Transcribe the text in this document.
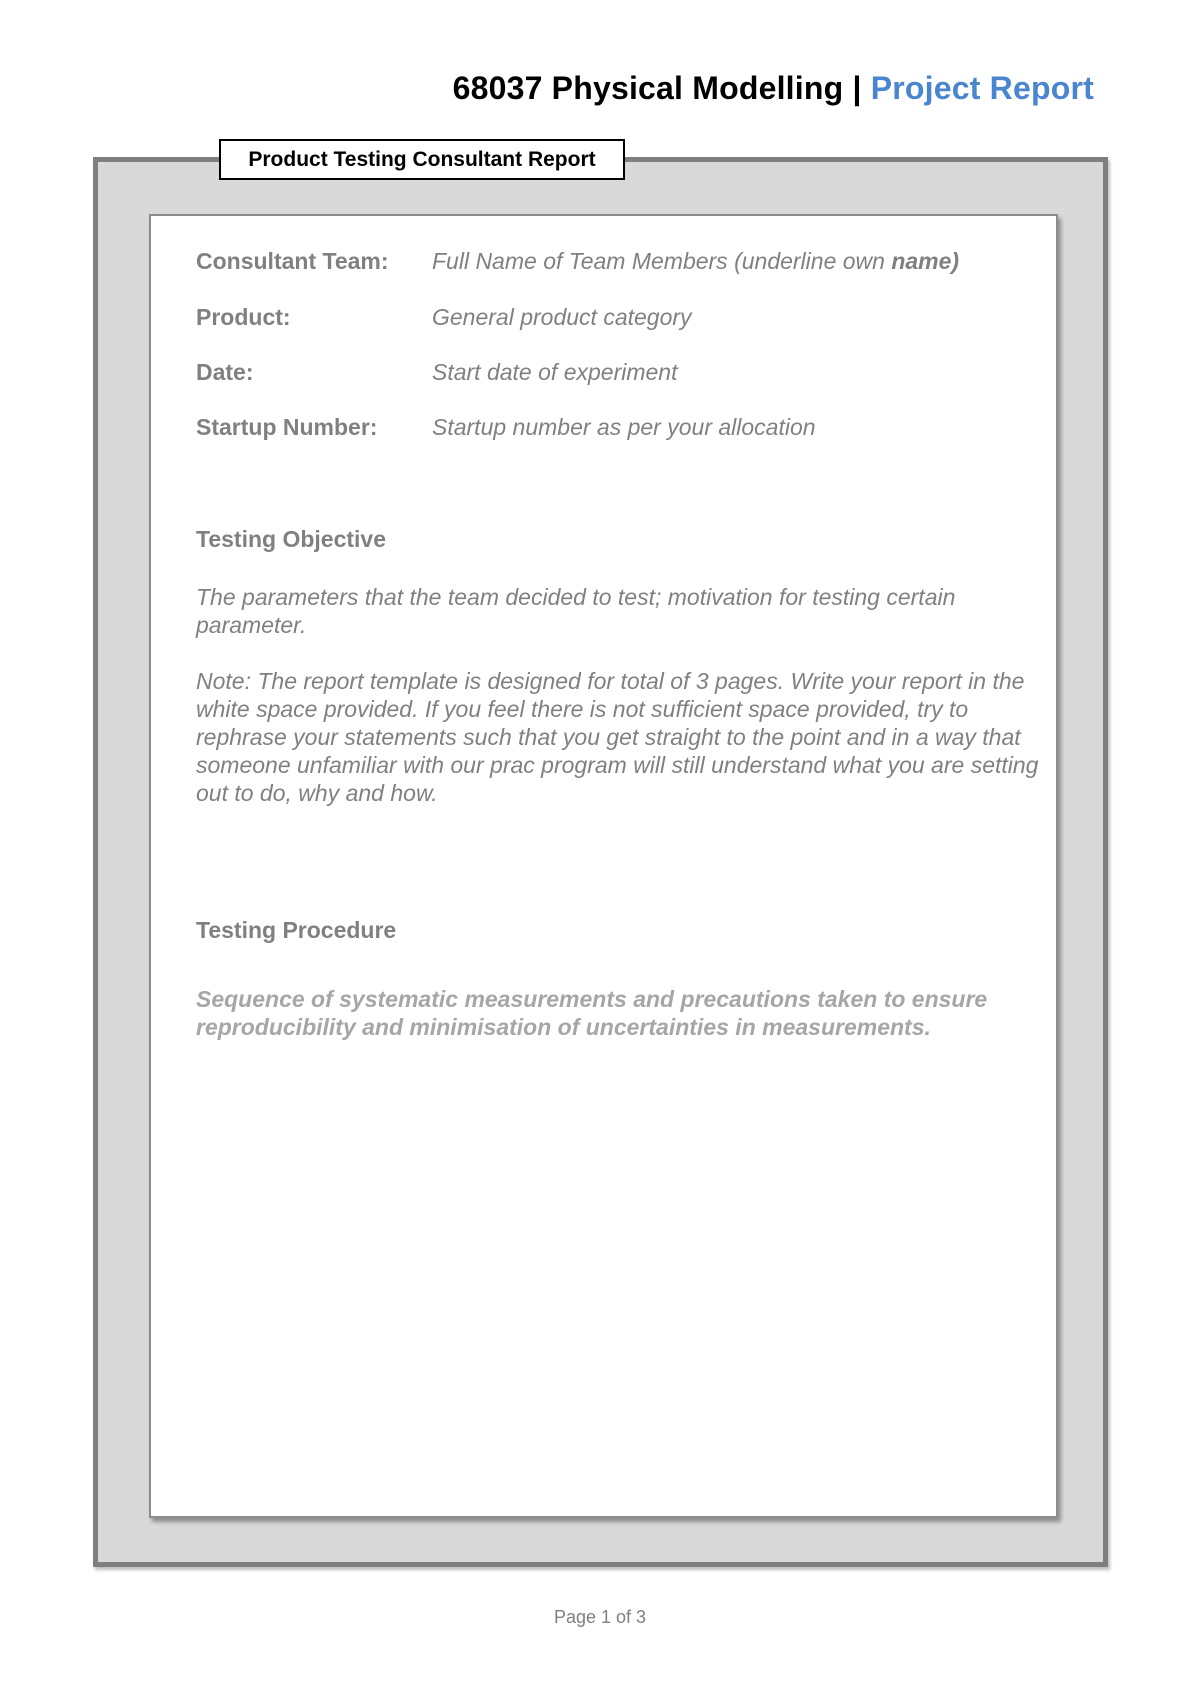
68037 Physical Modelling | Project Report
Product Testing Consultant Report
Consultant Team: Full Name of Team Members (underline own name)
Product:	General product category
Date:	Start date of experiment
Startup Number: Startup number as per your allocation
Testing Objective

The parameters that the team decided to test; motivation for testing certain parameter.

Note: The report template is designed for total of 3 pages. Write your report in the white space provided. If you feel there is not sufficient space provided, try to rephrase your statements such that you get straight to the point and in a way that someone unfamiliar with our prac program will still understand what you are setting out to do, why and how.

Testing Procedure

Sequence of systematic measurements and precautions taken to ensure reproducibility and minimisation of uncertainties in measurements.

Page 1 of 3
